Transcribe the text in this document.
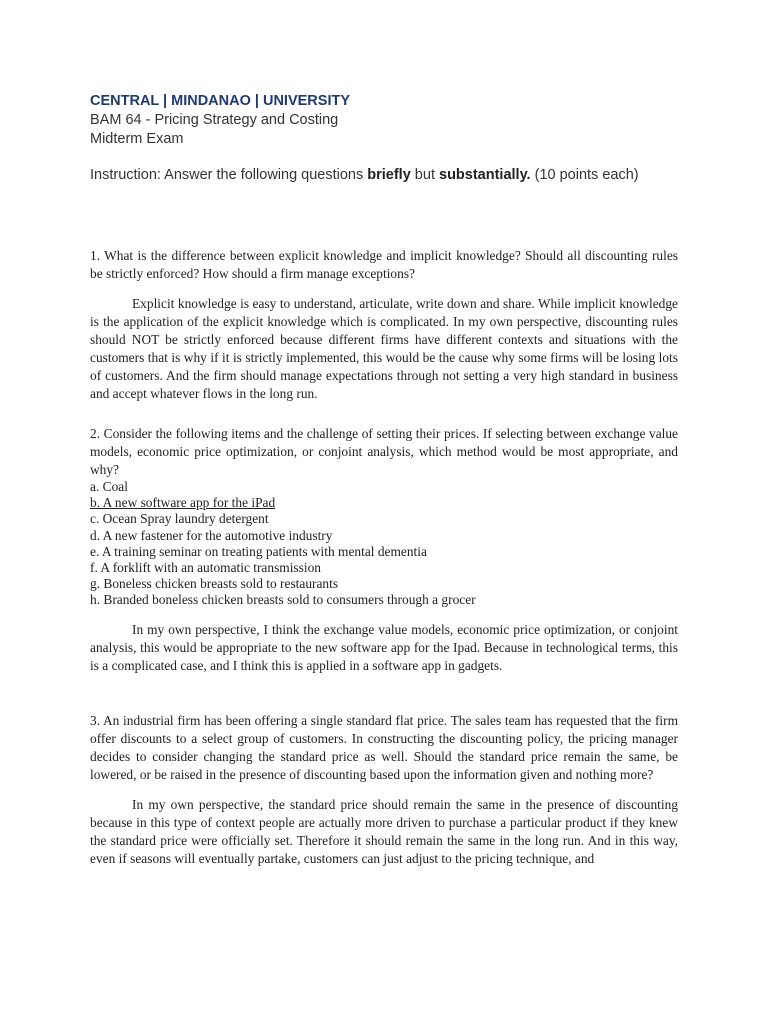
CENTRAL | MINDANAO | UNIVERSITY
BAM 64 - Pricing Strategy and Costing
Midterm Exam
Instruction: Answer the following questions briefly but substantially. (10 points each)
1. What is the difference between explicit knowledge and implicit knowledge? Should all discounting rules be strictly enforced? How should a firm manage exceptions?
Explicit knowledge is easy to understand, articulate, write down and share. While implicit knowledge is the application of the explicit knowledge which is complicated. In my own perspective, discounting rules should NOT be strictly enforced because different firms have different contexts and situations with the customers that is why if it is strictly implemented, this would be the cause why some firms will be losing lots of customers. And the firm should manage expectations through not setting a very high standard in business and accept whatever flows in the long run.
2. Consider the following items and the challenge of setting their prices. If selecting between exchange value models, economic price optimization, or conjoint analysis, which method would be most appropriate, and why?
a. Coal
b. A new software app for the iPad
c. Ocean Spray laundry detergent
d. A new fastener for the automotive industry
e. A training seminar on treating patients with mental dementia
f. A forklift with an automatic transmission
g. Boneless chicken breasts sold to restaurants
h. Branded boneless chicken breasts sold to consumers through a grocer
In my own perspective, I think the exchange value models, economic price optimization, or conjoint analysis, this would be appropriate to the new software app for the Ipad. Because in technological terms, this is a complicated case, and I think this is applied in a software app in gadgets.
3. An industrial firm has been offering a single standard flat price. The sales team has requested that the firm offer discounts to a select group of customers. In constructing the discounting policy, the pricing manager decides to consider changing the standard price as well. Should the standard price remain the same, be lowered, or be raised in the presence of discounting based upon the information given and nothing more?
In my own perspective, the standard price should remain the same in the presence of discounting because in this type of context people are actually more driven to purchase a particular product if they knew the standard price were officially set. Therefore it should remain the same in the long run. And in this way, even if seasons will eventually partake, customers can just adjust to the pricing technique, and
